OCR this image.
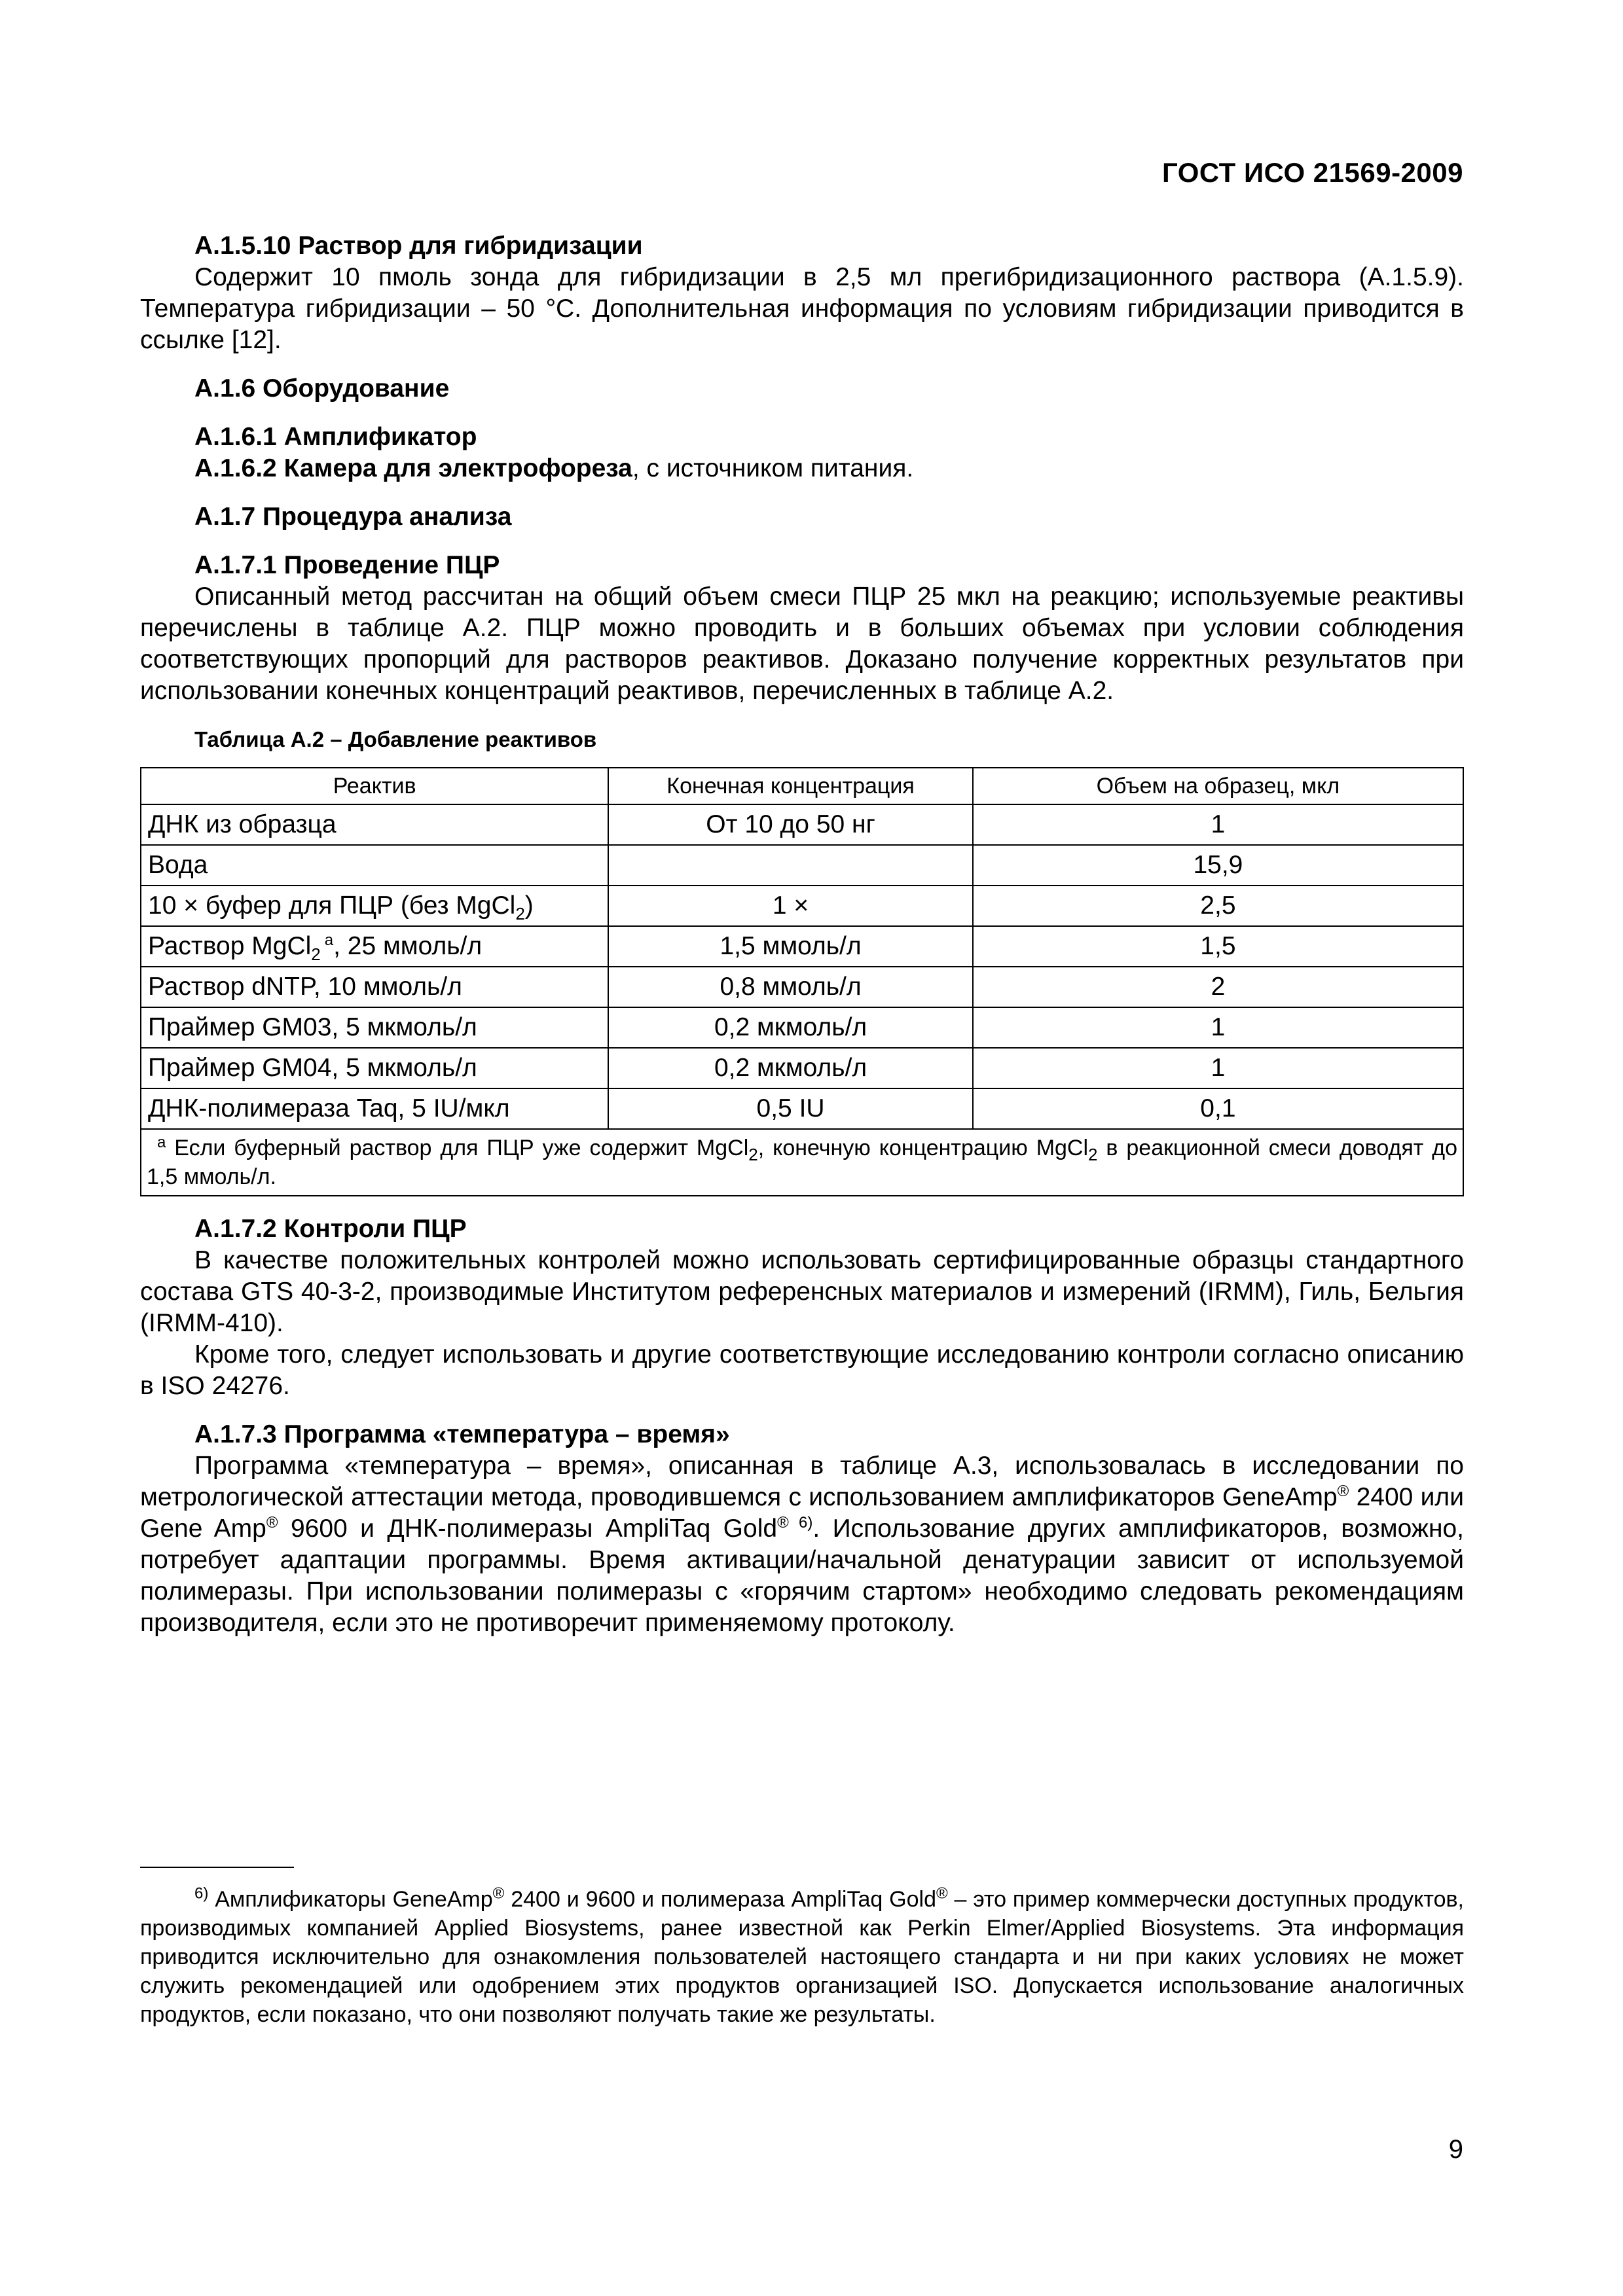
ГОСТ ИСО 21569-2009

А.1.5.10 Раствор для гибридизации

Содержит 10 пмоль зонда для гибридизации в 2,5 мл прегибридизационного раствора (А.1.5.9). Температура гибридизации – 50 °С. Дополнительная информация по условиям гибридизации приводится в ссылке [12].

А.1.6 Оборудование

А.1.6.1 Амплификатор

А.1.6.2 Камера для электрофореза, с источником питания.

А.1.7 Процедура анализа

А.1.7.1 Проведение ПЦР

Описанный метод рассчитан на общий объем смеси ПЦР 25 мкл на реакцию; используемые реактивы перечислены в таблице А.2. ПЦР можно проводить и в больших объемах при условии соблюдения соответствующих пропорций для растворов реактивов. Доказано получение корректных результатов при использовании конечных концентраций реактивов, перечисленных в таблице А.2.

Таблица А.2 – Добавление реактивов

Реактив	Конечная концентрация	Объем на образец, мкл
ДНК из образца	От 10 до 50 нг	1
Вода		15,9
10 × буфер для ПЦР (без MgCl$_2$)	1 ×	2,5
Раствор MgCl$_2^а$, 25 ммоль/л	1,5 ммоль/л	1,5
Раствор dNTP, 10 ммоль/л	0,8 ммоль/л	2
Праймер GM03, 5 мкмоль/л	0,2 мкмоль/л	1
Праймер GM04, 5 мкмоль/л	0,2 мкмоль/л	1
ДНК-полимераза Taq, 5 IU/мкл	0,5 IU	0,1
$^а$ Если буферный раствор для ПЦР уже содержит MgCl$_2$, конечную концентрацию MgCl$_2$ в реакционной смеси доводят до 1,5 ммоль/л.		

А.1.7.2 Контроли ПЦР

В качестве положительных контролей можно использовать сертифицированные образцы стандартного состава GTS 40-3-2, производимые Институтом референсных материалов и измерений (IRMM), Гиль, Бельгия (IRMM-410).

Кроме того, следует использовать и другие соответствующие исследованию контроли согласно описанию в ISO 24276.

А.1.7.3 Программа «температура – время»

Программа «температура – время», описанная в таблице А.3, использовалась в исследовании по метрологической аттестации метода, проводившемся с использованием амплификаторов GeneAmp® 2400 или Gene Amp® 9600 и ДНК-полимеразы AmpliTaq Gold® $^{6)}$. Использование других амплификаторов, возможно, потребует адаптации программы. Время активации/начальной денатурации зависит от используемой полимеразы. При использовании полимеразы с «горячим стартом» необходимо следовать рекомендациям производителя, если это не противоречит применяемому протоколу.

$^{6)}$ Амплификаторы GeneAmp® 2400 и 9600 и полимераза AmpliTaq Gold® – это пример коммерчески доступных продуктов, производимых компанией Applied Biosystems, ранее известной как Perkin Elmer/Applied Biosystems. Эта информация приводится исключительно для ознакомления пользователей настоящего стандарта и ни при каких условиях не может служить рекомендацией или одобрением этих продуктов организацией ISO. Допускается использование аналогичных продуктов, если показано, что они позволяют получать такие же результаты.

9
